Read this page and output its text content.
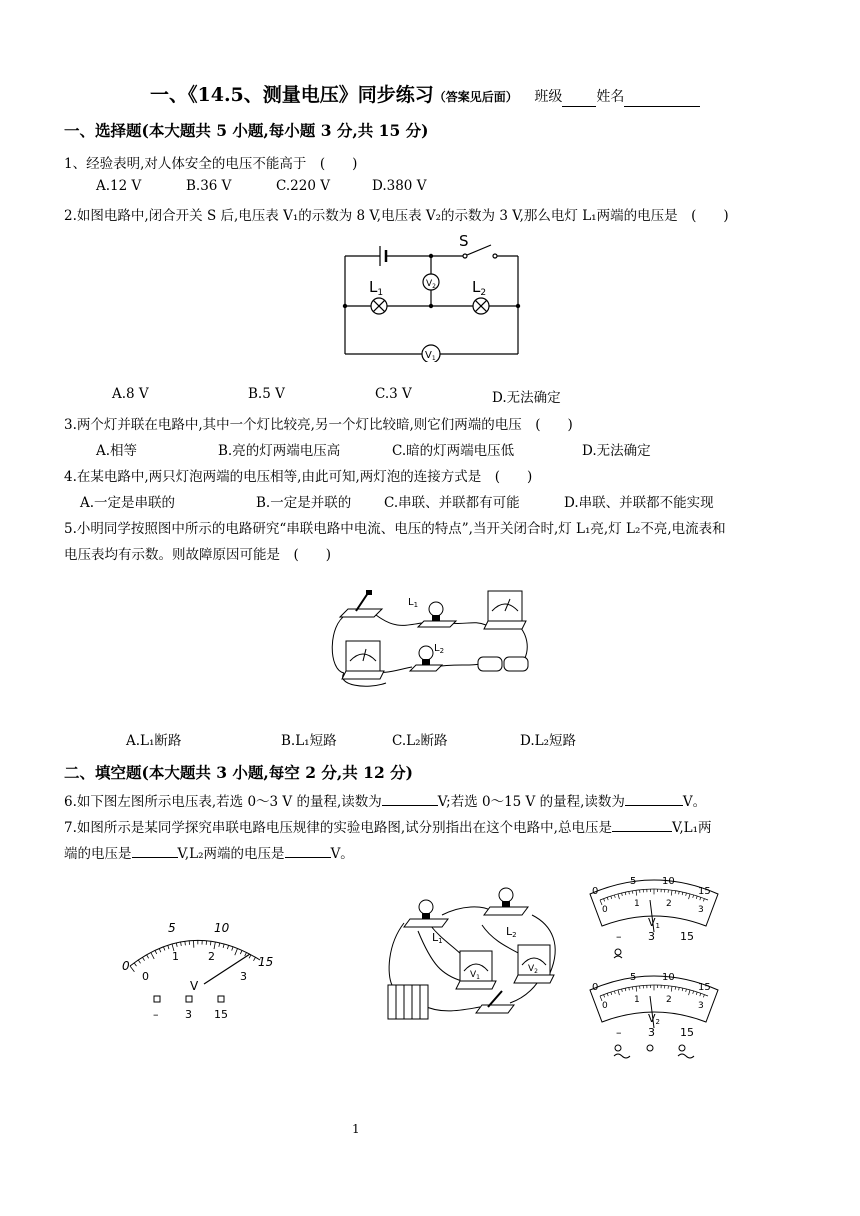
一、《14.5、测量电压》同步练习（答案见后面） 班级 姓名
一、选择题(本大题共 5 小题,每小题 3 分,共 15 分)
1、经验表明,对人体安全的电压不能高于　(　　)
A.12 V	B.36 V	C.220 V	D.380 V
2.如图电路中,闭合开关 S 后,电压表 V₁的示数为 8 V,电压表 V₂的示数为 3 V,那么电灯 L₁两端的电压是　(　　)
S
$L_1$	$L_2$
$V_2$
$V_1$
A.8 V	B.5 V	C.3 V	D.无法确定
3.两个灯并联在电路中,其中一个灯比较亮,另一个灯比较暗,则它们两端的电压　(　　)
A.相等	B.亮的灯两端电压高	C.暗的灯两端电压低	D.无法确定
4.在某电路中,两只灯泡两端的电压相等,由此可知,两灯泡的连接方式是　(　　)
A.一定是串联的	B.一定是并联的 C.串联、并联都有可能	D.串联、并联都不能实现
5.小明同学按照图中所示的电路研究“串联电路中电流、电压的特点”,当开关闭合时,灯 L₁亮,灯 L₂不亮,电流表和
电压表均有示数。则故障原因可能是　(　　)
$L_1$
$L_2$
A.L₁断路	B.L₁短路	C.L₂断路	D.L₂短路
二、填空题(本大题共 3 小题,每空 2 分,共 12 分)
6.如下图左图所示电压表,若选 0～3 V 的量程,读数为	V;若选 0～15 V 的量程,读数为	V。
7.如图所示是某同学探究串联电路电压规律的实验电路图,试分别指出在这个电路中,总电压是	V,L₁两
端的电压是	V,L₂两端的电压是	V。
0
5	10
15
0
1	2
3
V
– 3 15
L1
L2
$V_1$
$V_2$
0
5	10
15
0
1	2
3
V1
– 3 15
0
5	10
15
0
1	2
3
V2
– 3 15
1
